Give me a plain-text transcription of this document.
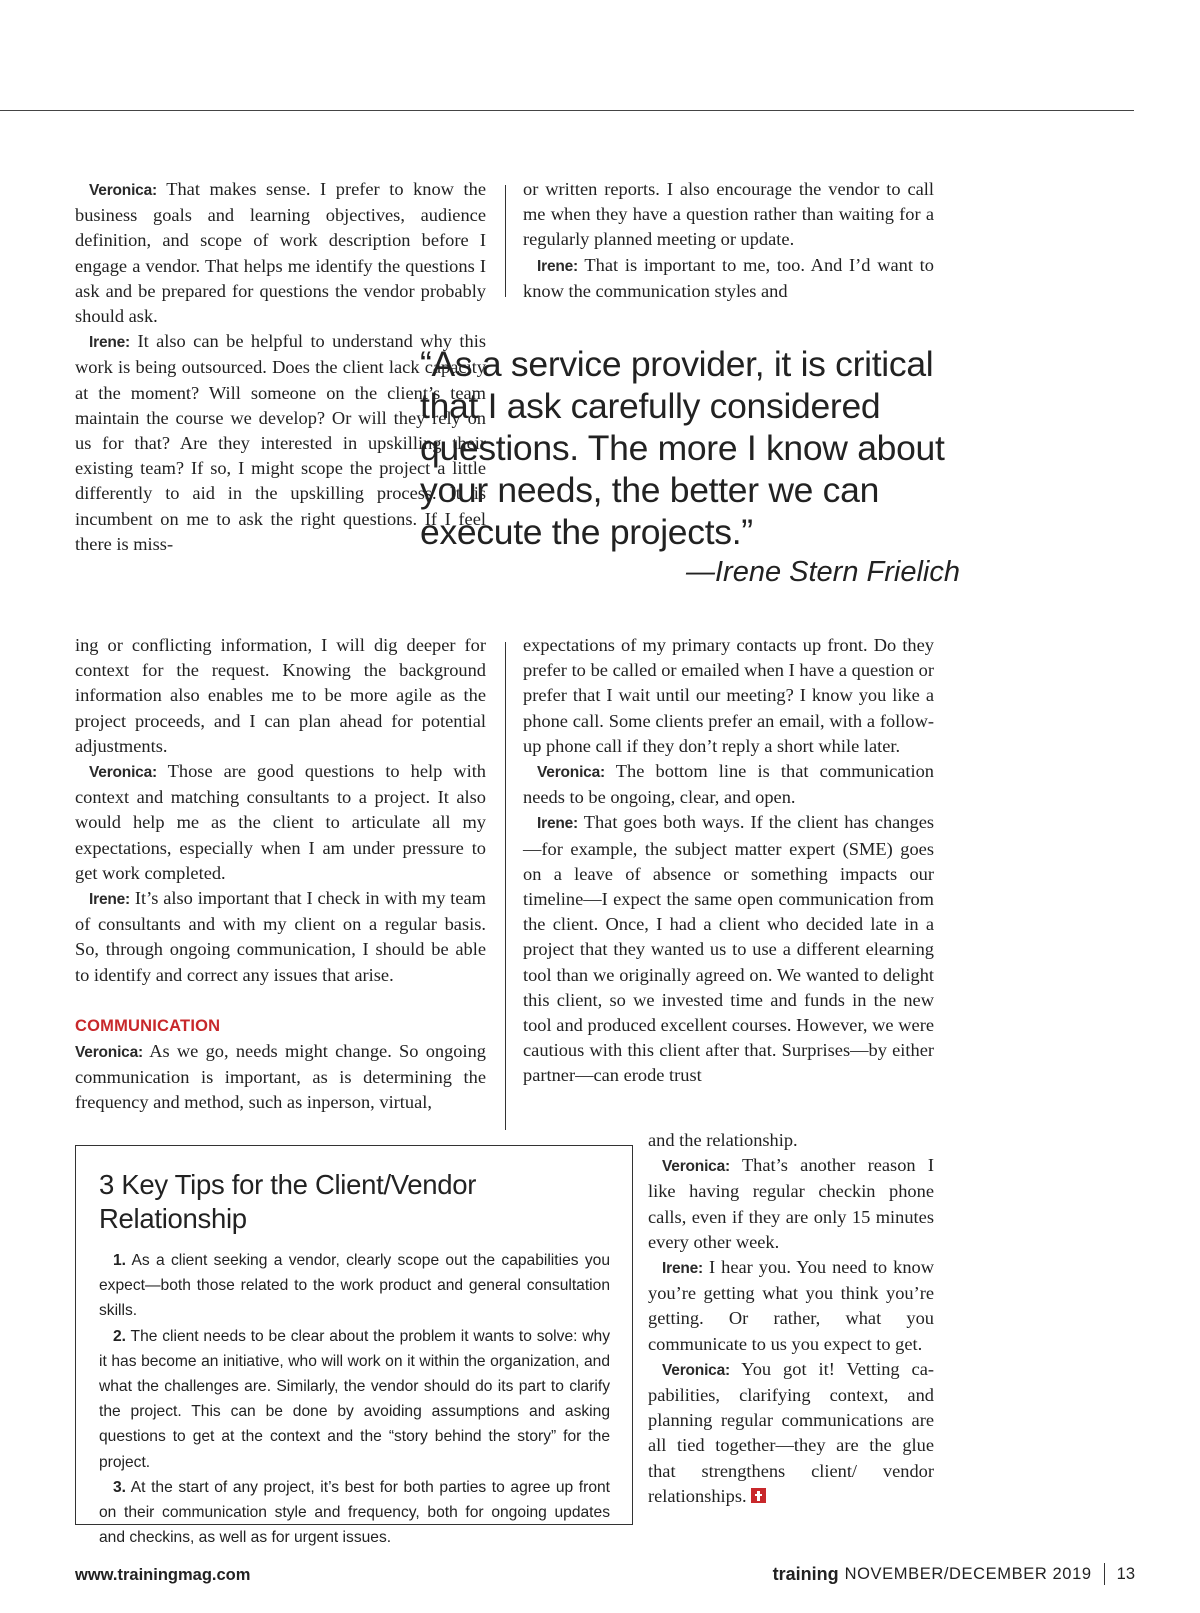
Veronica: That makes sense. I prefer to know the business goals and learning objectives, audience definition, and scope of work description before I engage a vendor. That helps me identify the questions I ask and be prepared for questions the vendor probably should ask.

Irene: It also can be helpful to understand why this work is being outsourced. Does the client lack capacity at the moment? Will someone on the client’s team maintain the course we develop? Or will they rely on us for that? Are they interested in upskilling their existing team? If so, I might scope the project a little differently to aid in the upskilling process. It is incumbent on me to ask the right questions. If I feel there is miss-

or written reports. I also encourage the vendor to call me when they have a question rather than waiting for a regularly planned meeting or update.

Irene: That is important to me, too. And I’d want to know the communication styles and

“As a service provider, it is critical
that I ask carefully considered
questions. The more I know about
your needs, the better we can
execute the projects.”
—Irene Stern Frielich

ing or conflicting information, I will dig deeper for context for the request. Knowing the background information also enables me to be more agile as the project proceeds, and I can plan ahead for potential adjustments.

Veronica: Those are good questions to help with context and matching consultants to a project. It also would help me as the client to articulate all my expectations, especially when I am under pressure to get work completed.

Irene: It’s also important that I check in with my team of consultants and with my client on a regular basis. So, through ongoing communication, I should be able to identify and correct any issues that arise.

COMMUNICATION

Veronica: As we go, needs might change. So ongoing communication is important, as is determining the frequency and method, such as inperson, virtual,

expectations of my primary contacts up front. Do they prefer to be called or emailed when I have a question or prefer that I wait until our meeting? I know you like a phone call. Some clients prefer an email, with a followup phone call if they don’t reply a short while later.

Veronica: The bottom line is that communication needs to be ongoing, clear, and open.

Irene: That goes both ways. If the client has changes—for example, the subject matter expert (SME) goes on a leave of absence or something impacts our timeline—I expect the same open communication from the client. Once, I had a client who decided late in a project that they wanted us to use a different elearning tool than we originally agreed on. We wanted to delight this client, so we invested time and funds in the new tool and produced excellent courses. However, we were cautious with this client after that. Surprises—by either partner—can erode trust

and the relationship.

Veronica: That’s another reason I like having regular checkin phone calls, even if they are only 15 minutes every other week.

Irene: I hear you. You need to know you’re getting what you think you’re getting. Or rather, what you communicate to us you expect to get.

Veronica: You got it! Vetting capabilities, clarifying context, and planning regular communications are all tied together—they are the glue that strengthens client/ vendor relationships.

3 Key Tips for the Client/Vendor Relationship

1. As a client seeking a vendor, clearly scope out the capabilities you expect—both those related to the work product and general consultation skills.

2. The client needs to be clear about the problem it wants to solve: why it has become an initiative, who will work on it within the organization, and what the challenges are. Similarly, the vendor should do its part to clarify the project. This can be done by avoiding assumptions and asking questions to get at the context and the “story behind the story” for the project.

3. At the start of any project, it’s best for both parties to agree up front on their communication style and frequency, both for ongoing updates and checkins, as well as for urgent issues.

www.trainingmag.com	training NOVEMBER/DECEMBER 2019 13
